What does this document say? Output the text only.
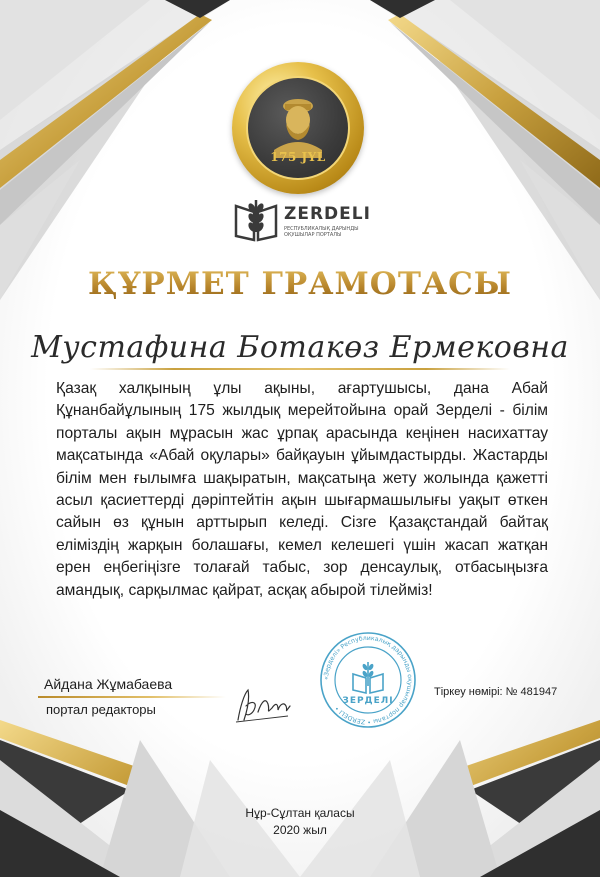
175 JYL
ZERDELI
РЕСПУБЛИКАЛЫҚ ДАРЫНДЫ ОҚУШЫЛАР ПОРТАЛЫ
ҚҰРМЕТ ГРАМОТАСЫ
Мустафина Ботакөз Ермековна
Қазақ халқының ұлы ақыны, ағартушысы, дана Абай Құнанбайұлының 175 жылдық мерейтойына орай Зерделі - білім порталы ақын мұрасын жас ұрпақ арасында кеңінен насихаттау мақсатында «Абай оқулары» байқауын ұйымдастырды. Жастарды білім мен ғылымға шақыратын, мақсатыңа жету жолында қажетті асыл қасиеттерді дәріптейтін ақын шығармашылығы уақыт өткен сайын өз құнын арттырып келеді. Сізге Қазақстандай байтақ еліміздің жарқын болашағы, кемел келешегі үшін жасап жатқан ерен еңбегіңізге толағай табыс, зор денсаулық, отбасыңызға амандық, сарқылмас қайрат, асқақ абырой тілейміз!
Айдана Жұмабаева
портал редакторы
«Зерделі» Республикалық дарынды оқушылар порталы • ZERDELI •
ЗЕРДЕЛІ
Тіркеу нөмірі: № 481947
Нұр-Сұлтан қаласы
2020 жыл
